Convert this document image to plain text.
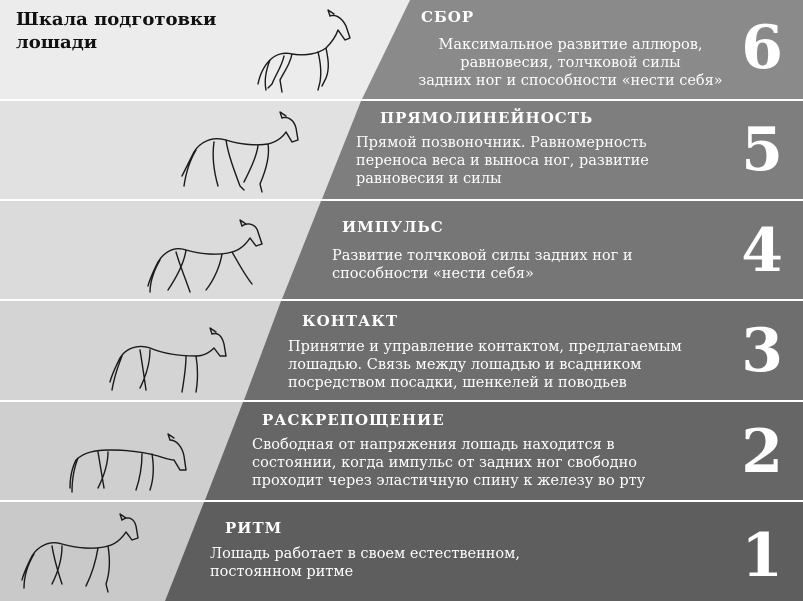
Шкала подготовки лошади
СБОР
Максимальное развитие аллюров,
равновесия, толчковой силы
задних ног и способности «нести себя» 6
ПРЯМОЛИНЕЙНОСТЬ
Прямой позвоночник. Равномерность
переноса веса и выноса ног, развитие
равновесия и силы	5
ИМПУЛЬС
Развитие толчковой силы задних ног и
способности «нести себя»	4
КОНТАКТ
Принятие и управление контактом, предлагаемым
лошадью. Связь между лошадью и всадником
посредством посадки, шенкелей и поводьев	3
РАСКРЕПОЩЕНИЕ
Свободная от напряжения лошадь находится в
состоянии, когда импульс от задних ног свободно
проходит через эластичную спину к железу во рту	2
РИТМ
Лошадь работает в своем естественном,
постоянном ритме	1
